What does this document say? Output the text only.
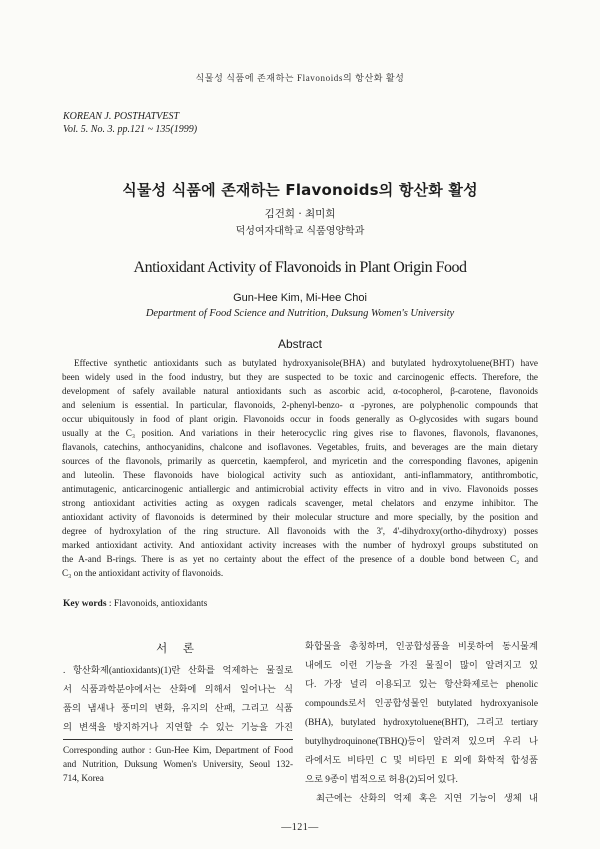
식물성 식품에 존재하는 Flavonoids의 항산화 활성
KOREAN J. POSTHATVEST
Vol. 5. No. 3. pp.121 ~ 135(1999)
식물성 식품에 존재하는 Flavonoids의 항산화 활성
김건희 · 최미희
덕성여자대학교 식품영양학과
Antioxidant Activity of Flavonoids in Plant Origin Food
Gun-Hee Kim, Mi-Hee Choi
Department of Food Science and Nutrition, Duksung Women's University
Abstract
Effective synthetic antioxidants such as butylated hydroxyanisole(BHA) and butylated hydroxytoluene(BHT) have
been widely used in the food industry, but they are suspected to be toxic and carcinogenic effects. Therefore, the
development of safely available natural antioxidants such as ascorbic acid, α-tocopherol, β-carotene, flavonoids
and selenium is essential. In particular, flavonoids, 2-phenyl-benzo- α -pyrones, are polyphenolic compounds that
occur ubiquitously in food of plant origin. Flavonoids occur in foods generally as O-glycosides with sugars bound
usually at the C₃ position. And variations in their heterocyclic ring gives rise to flavones, flavonols, flavanones,
flavanols, catechins, anthocyanidins, chalcone and isoflavones. Vegetables, fruits, and beverages are the main dietary
sources of the flavonols, primarily as quercetin, kaempferol, and myricetin and the corresponding flavones, apigenin
and luteolin. These flavonoids have biological activity such as antioxidant, anti-inflammatory, antithrombotic,
antimutagenic, anticarcinogenic antiallergic and antimicrobial activity effects in vitro and in vivo. Flavonoids posses
strong antioxidant activities acting as oxygen radicals scavenger, metal chelators and enzyme inhibitor. The
antioxidant activity of flavonoids is determined by their molecular structure and more specially, by the position and
degree of hydroxylation of the ring structure. All flavonoids with the 3', 4'-dihydroxy(ortho-dihydroxy) posses
marked antioxidant activity. And antioxidant activity increases with the number of hydroxyl groups substituted on
the A-and B-rings. There is as yet no certainty about the effect of the presence of a double bond between C₂ and
C₃ on the antioxidant activity of flavonoids.
Key words : Flavonoids, antioxidants
서 론
. 항산화제(antioxidants)(1)란 산화를 억제하는 물질로
서 식품과학분야에서는 산화에 의해서 일어나는 식
품의 냄새나 풍미의 변화, 유지의 산패, 그리고 식품
의 변색을 방지하거나 지연할 수 있는 기능을 가진
Corresponding author : Gun-Hee Kim, Department of Food
and Nutrition, Duksung Women's University, Seoul 132-
714, Korea
화합물을 총칭하며, 인공합성품을 비롯하여 동시물계
내에도 이런 기능을 가진 물질이 많이 알려지고 있
다. 가장 널리 이용되고 있는 항산화제로는 phenolic
compounds로서 인공합성물인 butylated hydroxyanisole
(BHA), butylated hydroxytoluene(BHT), 그리고 tertiary
butylhydroquinone(TBHQ)등이 알려져 있으며 우리 나
라에서도 비타민 C 및 비타민 E 외에 화학적 합성품
으로 9종이 법적으로 허용(2)되어 있다.
최근에는 산화의 억제 혹은 지연 기능이 생체 내
—121—
